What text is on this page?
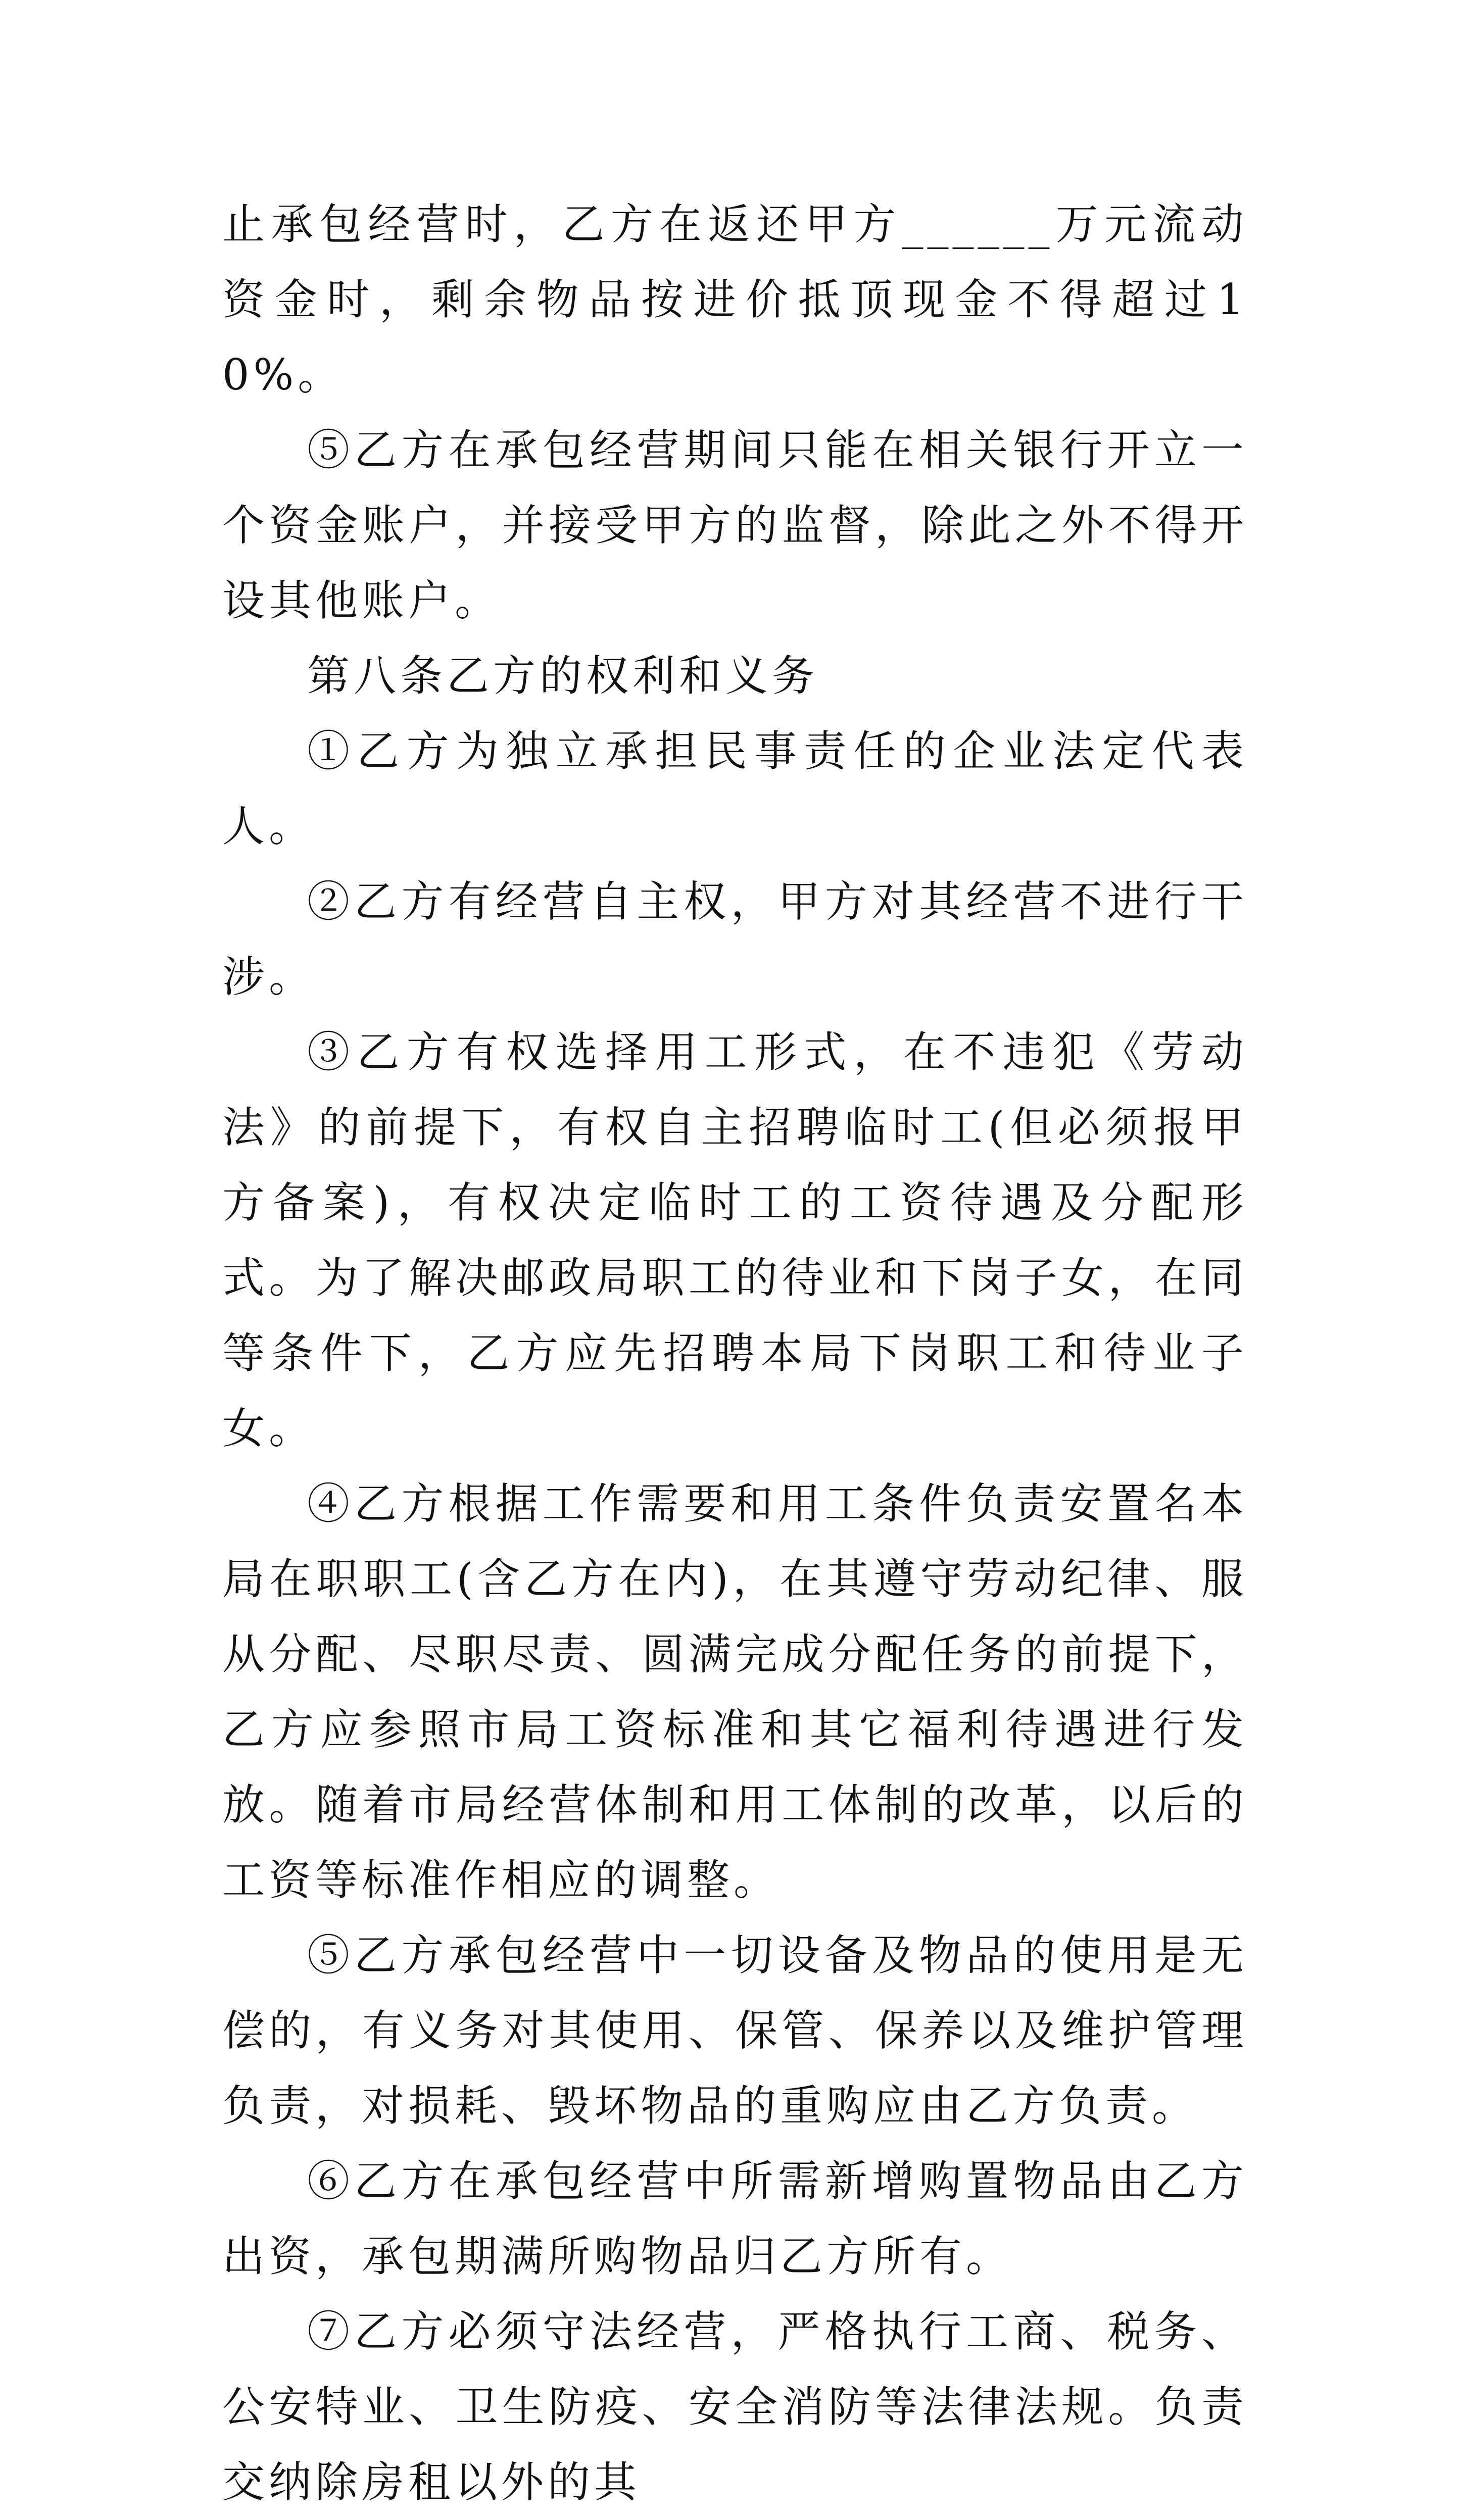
止承包经营时，乙方在返还甲方______万元流动资金时，剩余物品按进价抵顶现金不得超过10%。

⑤乙方在承包经营期间只能在相关银行开立一个资金账户，并接受甲方的监督，除此之外不得开设其他账户。

第八条乙方的权利和义务

①乙方为独立承担民事责任的企业法定代表人。

②乙方有经营自主权，甲方对其经营不进行干涉。

③乙方有权选择用工形式，在不违犯《劳动法》的前提下，有权自主招聘临时工(但必须报甲方备案)，有权决定临时工的工资待遇及分配形式。为了解决邮政局职工的待业和下岗子女，在同等条件下，乙方应先招聘本局下岗职工和待业子女。

④乙方根据工作需要和用工条件负责安置名本局在职职工(含乙方在内)，在其遵守劳动纪律、服从分配、尽职尽责、圆满完成分配任务的前提下，乙方应参照市局工资标准和其它福利待遇进行发放。随着市局经营体制和用工体制的改革，以后的工资等标准作相应的调整。

⑤乙方承包经营中一切设备及物品的使用是无偿的，有义务对其使用、保管、保养以及维护管理负责，对损耗、毁坏物品的重购应由乙方负责。

⑥乙方在承包经营中所需新增购置物品由乙方出资，承包期满所购物品归乙方所有。

⑦乙方必须守法经营，严格执行工商、税务、公安特业、卫生防疫、安全消防等法律法规。负责交纳除房租以外的其
